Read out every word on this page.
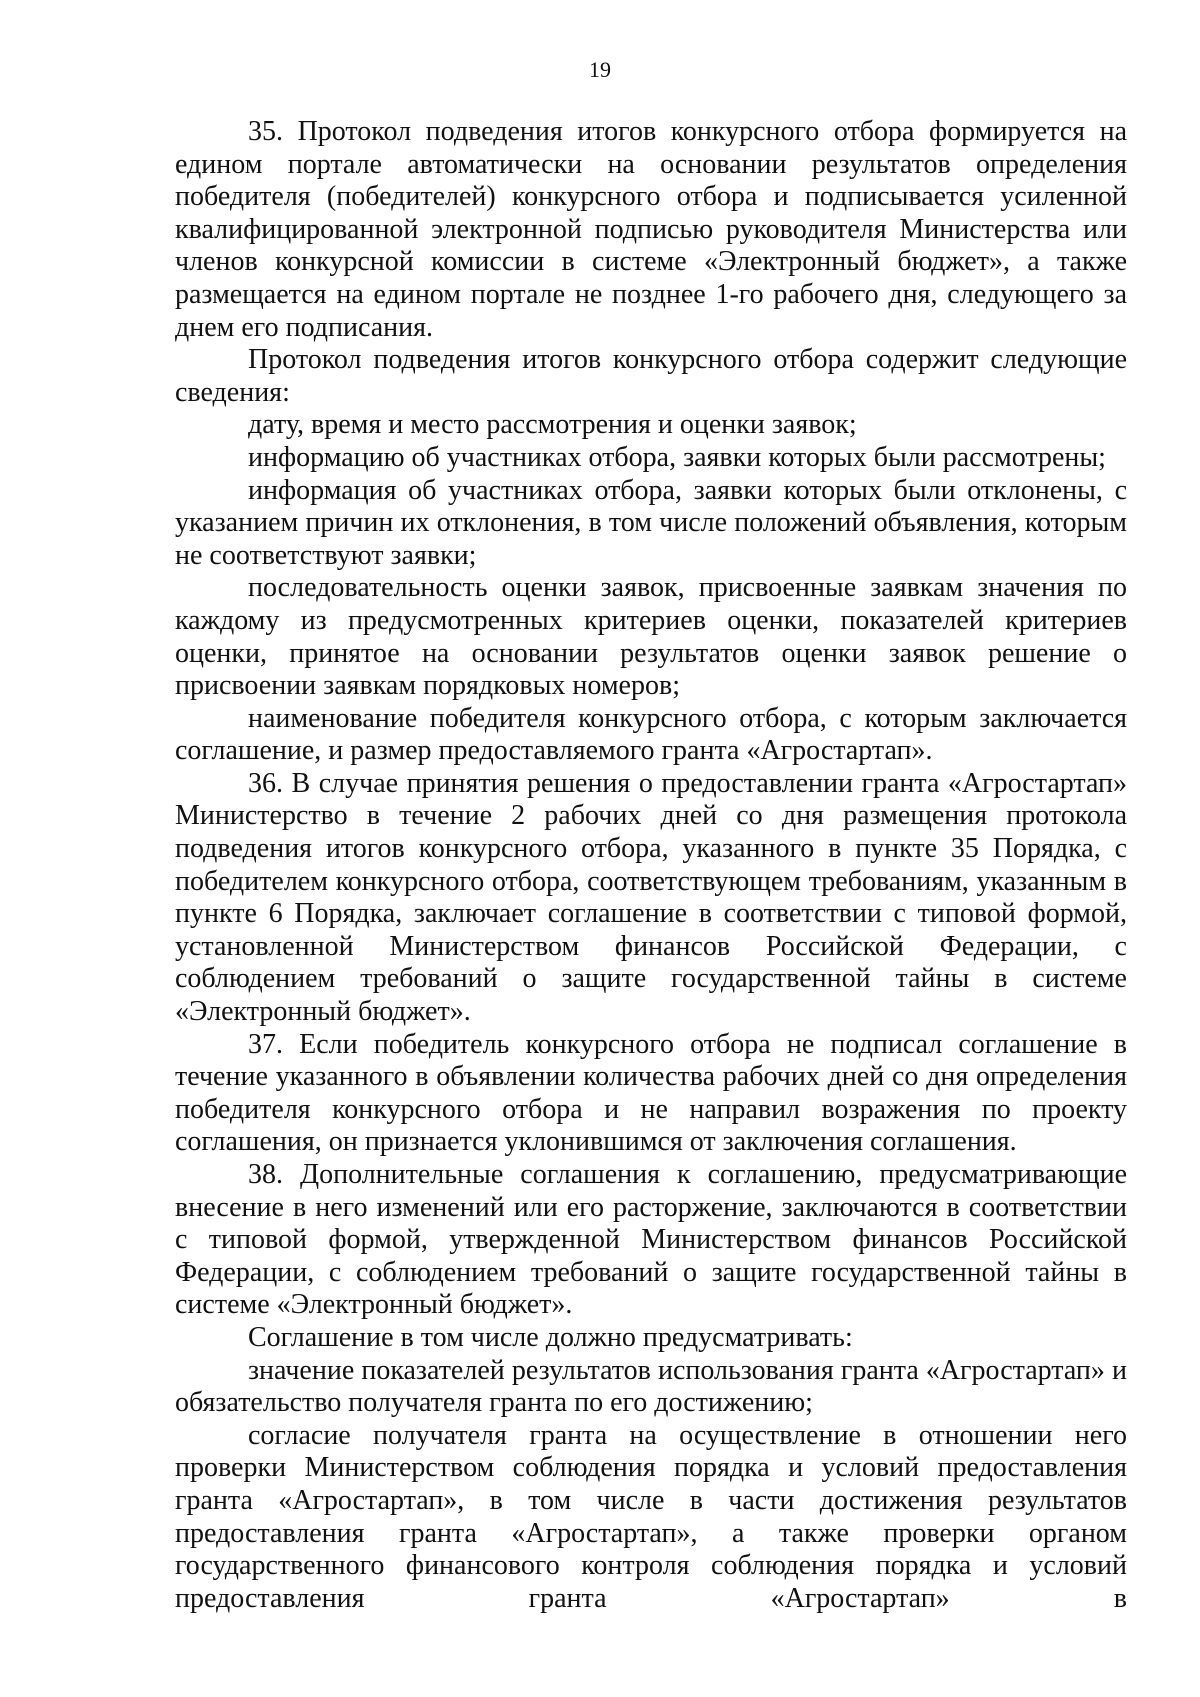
19

35. Протокол подведения итогов конкурсного отбора формируется на едином портале автоматически на основании результатов определения победителя (победителей) конкурсного отбора и подписывается усиленной квалифицированной электронной подписью руководителя Министерства или членов конкурсной комиссии в системе «Электронный бюджет», а также размещается на едином портале не позднее 1-го рабочего дня, следующего за днем его подписания.

Протокол подведения итогов конкурсного отбора содержит следующие сведения:

дату, время и место рассмотрения и оценки заявок;

информацию об участниках отбора, заявки которых были рассмотрены;

информация об участниках отбора, заявки которых были отклонены, с указанием причин их отклонения, в том числе положений объявления, которым не соответствуют заявки;

последовательность оценки заявок, присвоенные заявкам значения по каждому из предусмотренных критериев оценки, показателей критериев оценки, принятое на основании результатов оценки заявок решение о присвоении заявкам порядковых номеров;

наименование победителя конкурсного отбора, с которым заключается соглашение, и размер предоставляемого гранта «Агростартап».

36. В случае принятия решения о предоставлении гранта «Агростартап» Министерство в течение 2 рабочих дней со дня размещения протокола подведения итогов конкурсного отбора, указанного в пункте 35 Порядка, с победителем конкурсного отбора, соответствующем требованиям, указанным в пункте 6 Порядка, заключает соглашение в соответствии с типовой формой, установленной Министерством финансов Российской Федерации, с соблюдением требований о защите государственной тайны в системе «Электронный бюджет».

37. Если победитель конкурсного отбора не подписал соглашение в течение указанного в объявлении количества рабочих дней со дня определения победителя конкурсного отбора и не направил возражения по проекту соглашения, он признается уклонившимся от заключения соглашения.

38. Дополнительные соглашения к соглашению, предусматривающие внесение в него изменений или его расторжение, заключаются в соответствии с типовой формой, утвержденной Министерством финансов Российской Федерации, с соблюдением требований о защите государственной тайны в системе «Электронный бюджет».

Соглашение в том числе должно предусматривать:

значение показателей результатов использования гранта «Агростартап» и обязательство получателя гранта по его достижению;

согласие получателя гранта на осуществление в отношении него проверки Министерством соблюдения порядка и условий предоставления гранта «Агростартап», в том числе в части достижения результатов предоставления гранта «Агростартап», а также проверки органом государственного финансового контроля соблюдения порядка и условий предоставления гранта «Агростартап» в
